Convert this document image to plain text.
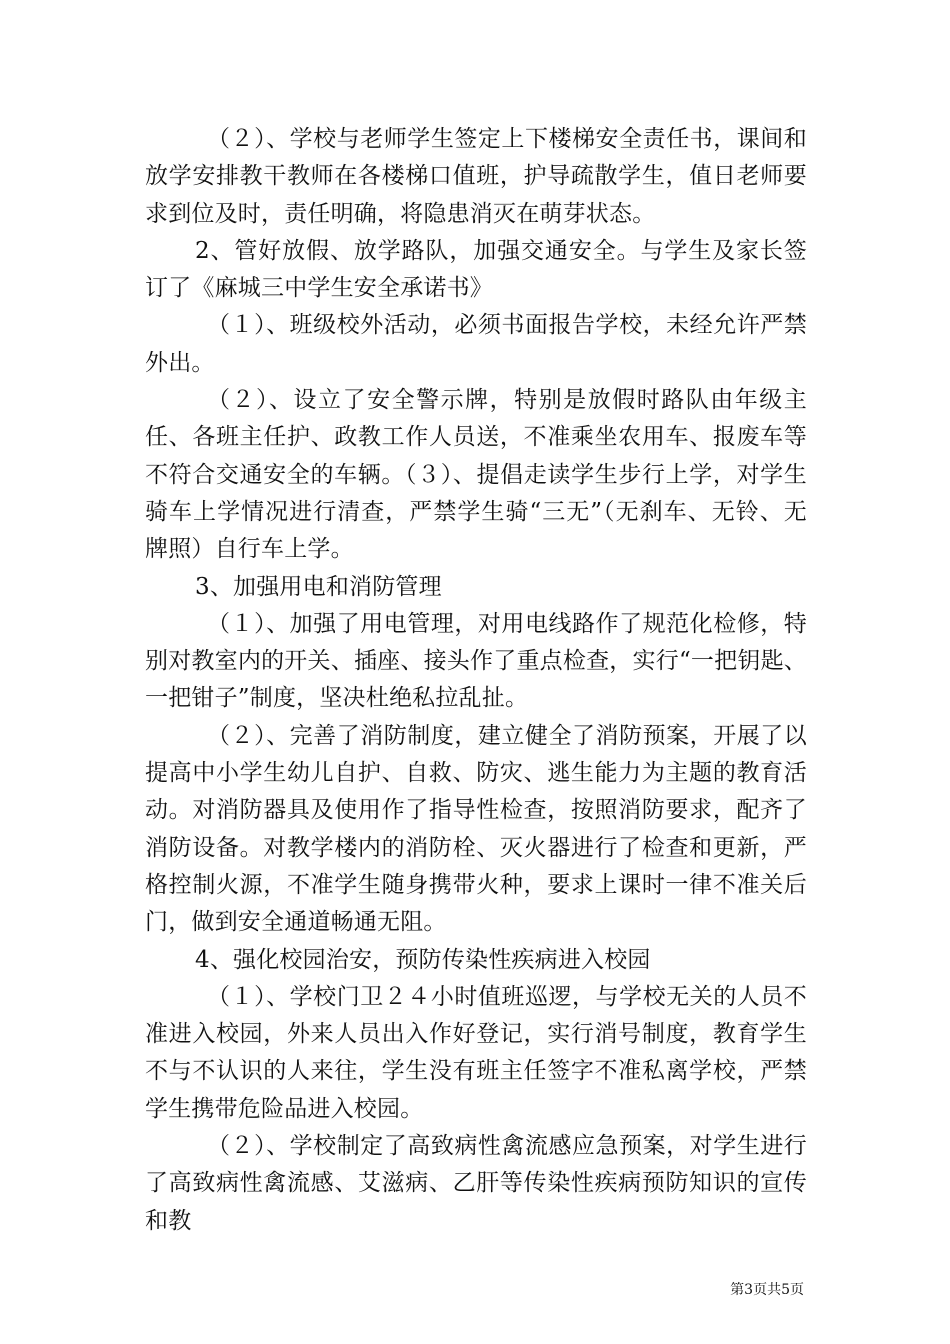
（２）、学校与老师学生签定上下楼梯安全责任书，课间和放学安排教干教师在各楼梯口值班，护导疏散学生，值日老师要求到位及时，责任明确，将隐患消灭在萌芽状态。

2、管好放假、放学路队，加强交通安全。与学生及家长签订了《麻城三中学生安全承诺书》

（１）、班级校外活动，必须书面报告学校，未经允许严禁外出。

（２）、设立了安全警示牌，特别是放假时路队由年级主任、各班主任护、政教工作人员送，不准乘坐农用车、报废车等不符合交通安全的车辆。（３）、提倡走读学生步行上学，对学生骑车上学情况进行清查，严禁学生骑“三无”（无刹车、无铃、无牌照）自行车上学。

3、加强用电和消防管理

（１）、加强了用电管理，对用电线路作了规范化检修，特别对教室内的开关、插座、接头作了重点检查，实行“一把钥匙、一把钳子”制度，坚决杜绝私拉乱扯。

（２）、完善了消防制度，建立健全了消防预案，开展了以提高中小学生幼儿自护、自救、防灾、逃生能力为主题的教育活动。对消防器具及使用作了指导性检查，按照消防要求，配齐了消防设备。对教学楼内的消防栓、灭火器进行了检查和更新，严格控制火源，不准学生随身携带火种，要求上课时一律不准关后门，做到安全通道畅通无阻。

4、强化校园治安，预防传染性疾病进入校园

（１）、学校门卫２４小时值班巡逻，与学校无关的人员不准进入校园，外来人员出入作好登记，实行消号制度，教育学生不与不认识的人来往，学生没有班主任签字不准私离学校，严禁学生携带危险品进入校园。

（２）、学校制定了高致病性禽流感应急预案，对学生进行了高致病性禽流感、艾滋病、乙肝等传染性疾病预防知识的宣传和教

第3页共5页
